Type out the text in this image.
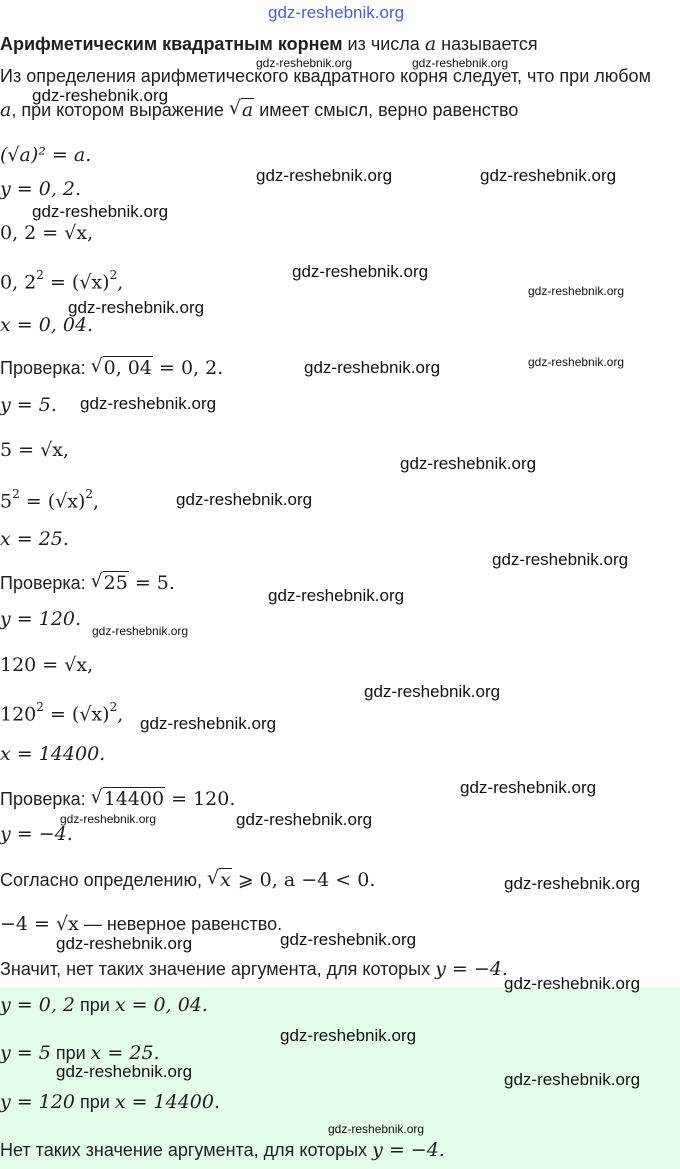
Арифметическим квадратным корнем из числа a называется
Из определения арифметического квадратного корня следует, что при любом
a, при котором выражение √ a имеет смысл, верно равенство
(√a)² = a.
y = 0, 2.
0, 2 = √x,
0, $2^2 = (√x)^2$,
x = 0, 04.
Проверка: √ 0, 04 = 0, 2.
y = 5.
5 = √x,
$5^2 = (√x)^2$,
x = 25.
Проверка: √ 25 = 5.
y = 120.
120 = √x,
$120^2 = (√x)^2$,
x = 14400.
Проверка: √ 14400 = 120.
y = −4.
Согласно определению, √ x ⩾ 0, а −4 < 0.
−4 = √x — неверное равенство.
Значит, нет таких значение аргумента, для которых y = −4.
y = 0, 2 при x = 0, 04.
y = 5 при x = 25.
y = 120 при x = 14400.
Нет таких значение аргумента, для которых y = −4.
gdz-reshebnik.org
gdz-reshebnik.org	gdz-reshebnik.org
gdz-reshebnik.org
gdz-reshebnik.org	gdz-reshebnik.org
gdz-reshebnik.org
gdz-reshebnik.org
gdz-reshebnik.org
gdz-reshebnik.org
gdz-reshebnik.org	gdz-reshebnik.org
gdz-reshebnik.org
gdz-reshebnik.org
gdz-reshebnik.org
gdz-reshebnik.org
gdz-reshebnik.org
gdz-reshebnik.org
gdz-reshebnik.org
gdz-reshebnik.org
gdz-reshebnik.org
gdz-reshebnik.org	gdz-reshebnik.org
gdz-reshebnik.org
gdz-reshebnik.org	gdz-reshebnik.org
gdz-reshebnik.org
gdz-reshebnik.org
gdz-reshebnik.org	gdz-reshebnik.org
gdz-reshebnik.org
